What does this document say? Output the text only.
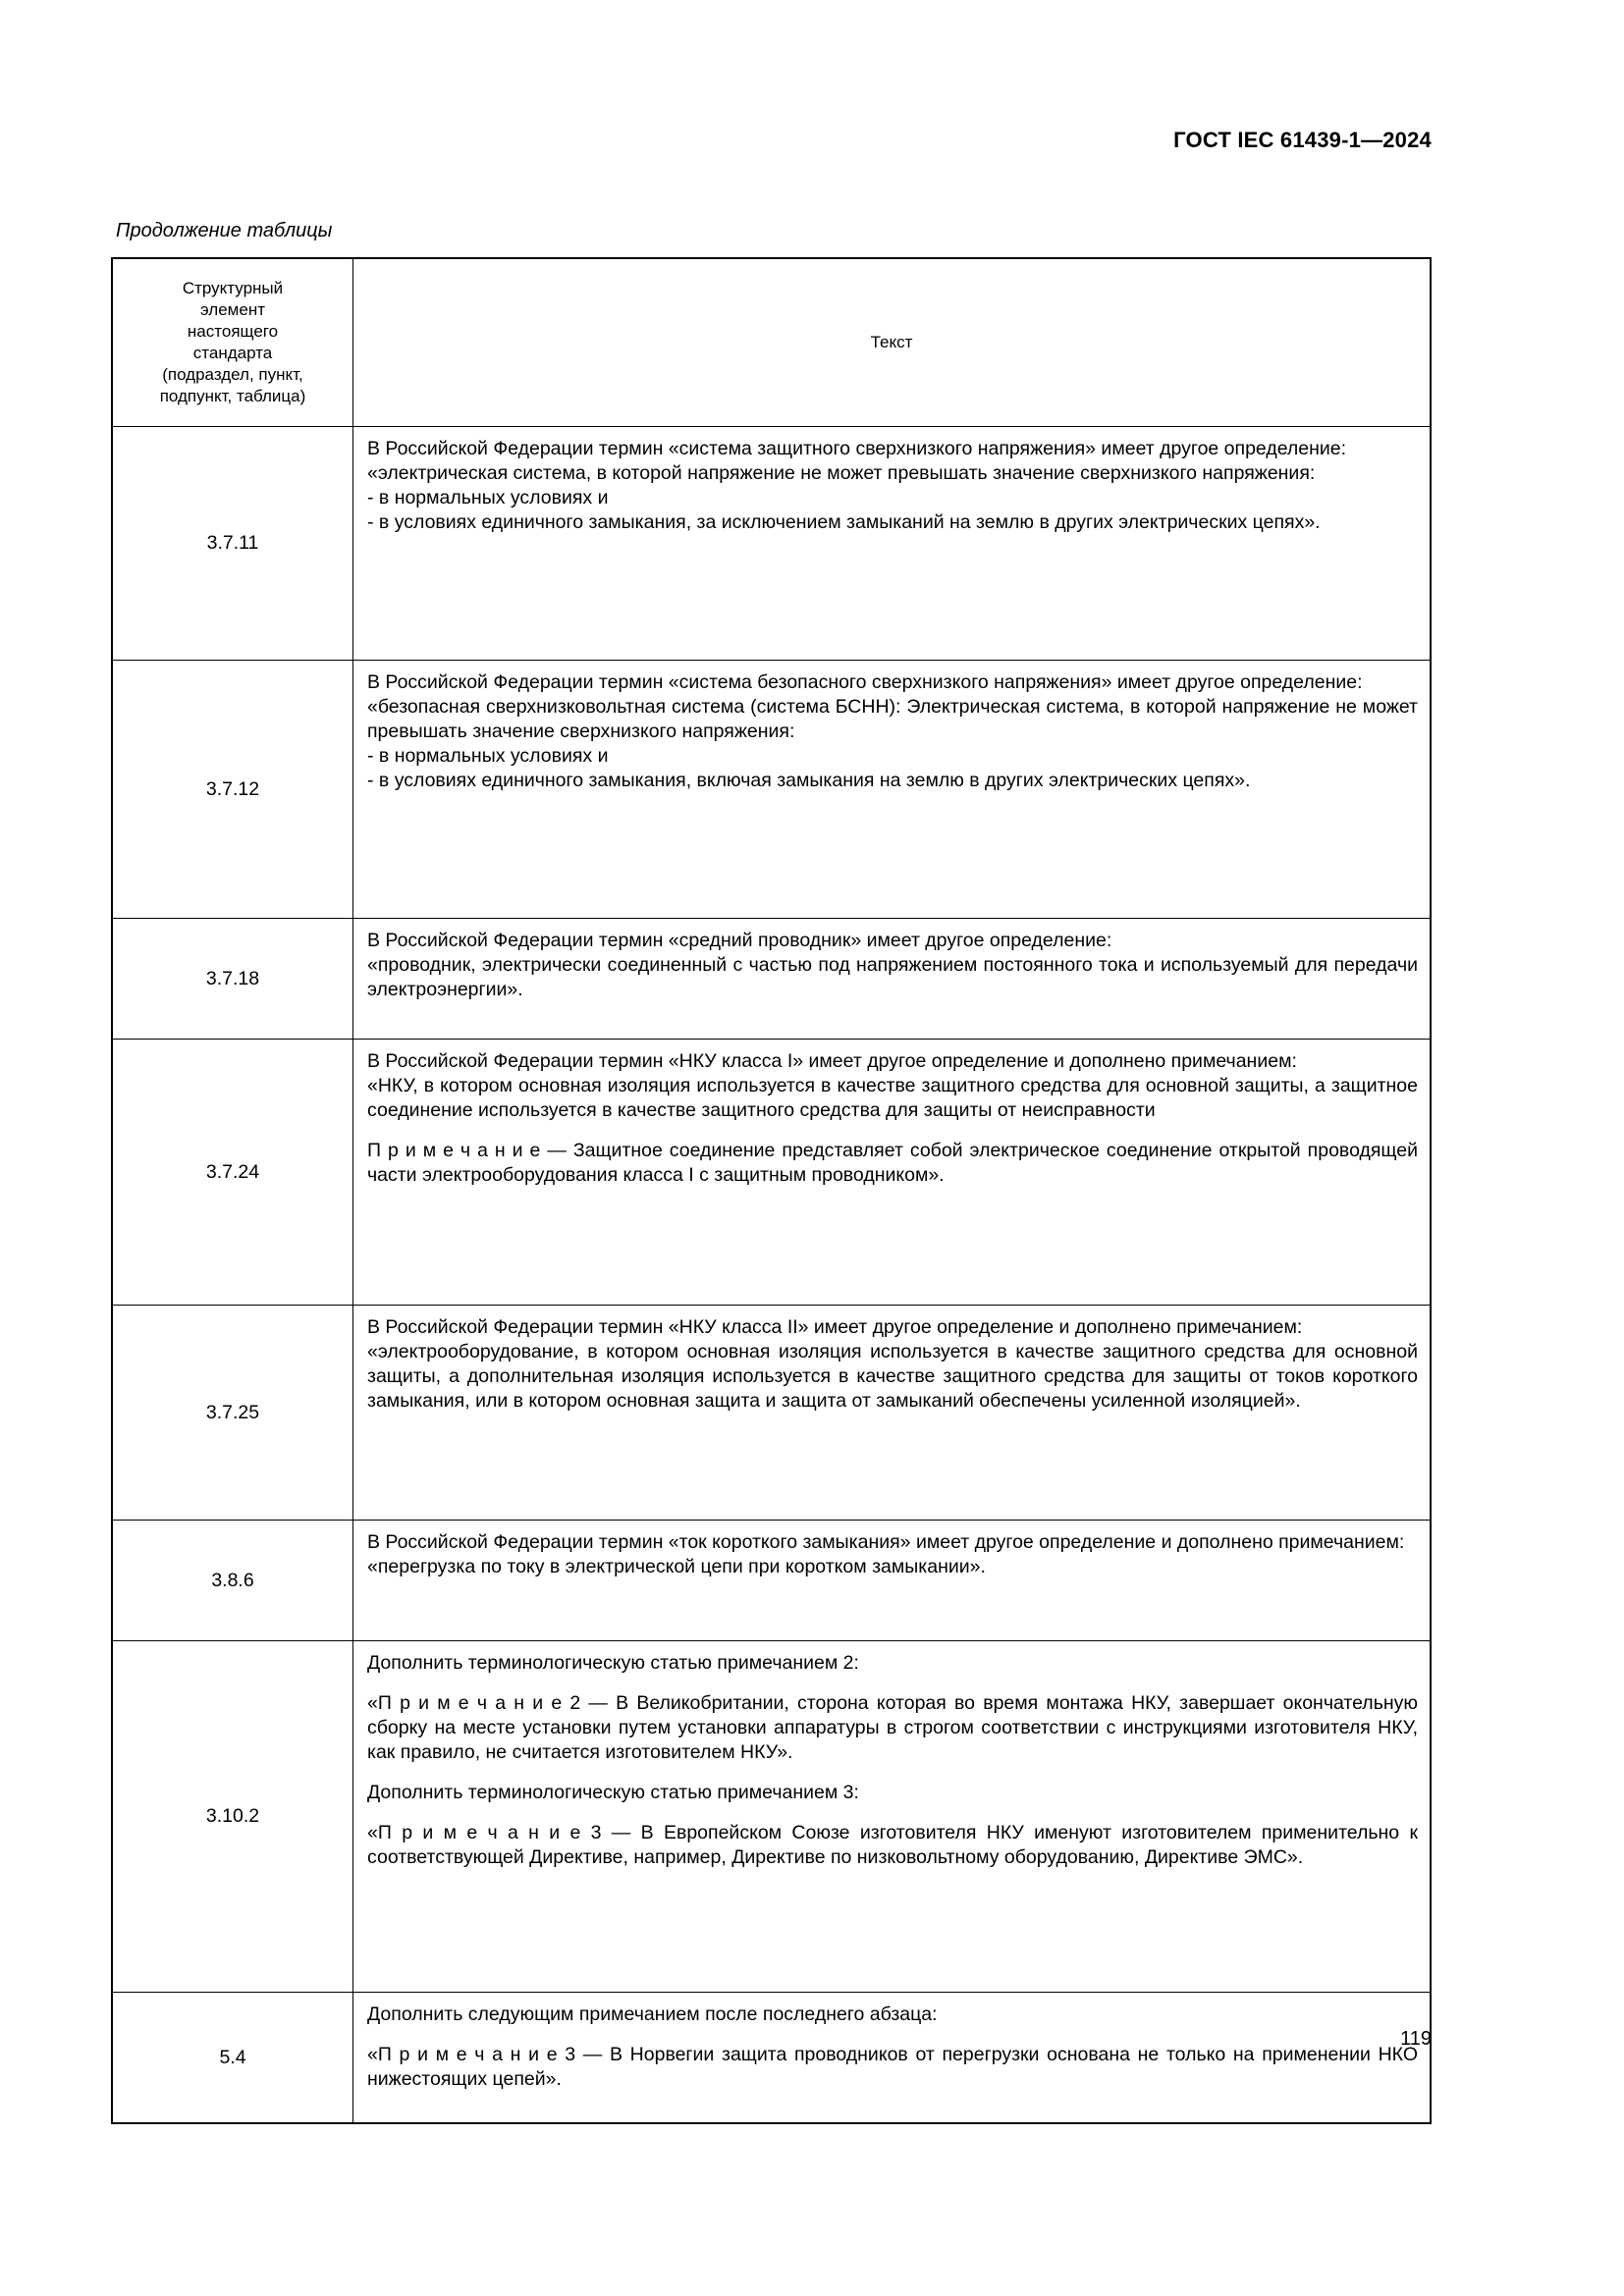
ГОСТ IEC 61439-1—2024
Продолжение таблицы
Структурный
элемент
настоящего
стандарта
(подраздел, пункт,
подпункт, таблица)
	Текст
3.7.11	В Российской Федерации термин «система защитного сверхнизкого напряжения» имеет другое определение:

«электрическая система, в которой напряжение не может превышать значение сверхнизкого напряжения:

- в нормальных условиях и

- в условиях единичного замыкания, за исключением замыканий на землю в других электрических цепях».

3.7.12	В Российской Федерации термин «система безопасного сверхнизкого напряжения» имеет другое определение:

«безопасная сверхнизковольтная система (система БСНН): Электрическая система, в которой напряжение не может превышать значение сверхнизкого напряжения:

- в нормальных условиях и

- в условиях единичного замыкания, включая замыкания на землю в других электрических цепях».

3.7.18	В Российской Федерации термин «средний проводник» имеет другое определение:

«проводник, электрически соединенный с частью под напряжением постоянного тока и используемый для передачи электроэнергии».

3.7.24	В Российской Федерации термин «НКУ класса I» имеет другое определение и дополнено примечанием:

«НКУ, в котором основная изоляция используется в качестве защитного средства для основной защиты, а защитное соединение используется в качестве защитного средства для защиты от неисправности

П р и м е ч а н и е — Защитное соединение представляет собой электрическое соединение открытой проводящей части электрооборудования класса I с защитным проводником».

3.7.25	В Российской Федерации термин «НКУ класса II» имеет другое определение и дополнено примечанием:

«электрооборудование, в котором основная изоляция используется в качестве защитного средства для основной защиты, а дополнительная изоляция используется в качестве защитного средства для защиты от токов короткого замыкания, или в котором основная защита и защита от замыканий обеспечены усиленной изоляцией».

3.8.6	В Российской Федерации термин «ток короткого замыкания» имеет другое определение и дополнено примечанием:

«перегрузка по току в электрической цепи при коротком замыкании».

3.10.2	Дополнить терминологическую статью примечанием 2:

«П р и м е ч а н и е 2 — В Великобритании, сторона которая во время монтажа НКУ, завершает окончательную сборку на месте установки путем установки аппаратуры в строгом соответствии с инструкциями изготовителя НКУ, как правило, не считается изготовителем НКУ».

Дополнить терминологическую статью примечанием 3:

«П р и м е ч а н и е 3 — В Европейском Союзе изготовителя НКУ именуют изготовителем применительно к соответствующей Директиве, например, Директиве по низковольтному оборудованию, Директиве ЭМС».

5.4	Дополнить следующим примечанием после последнего абзаца:

«П р и м е ч а н и е 3 — В Норвегии защита проводников от перегрузки основана не только на применении НКО нижестоящих цепей».

119
